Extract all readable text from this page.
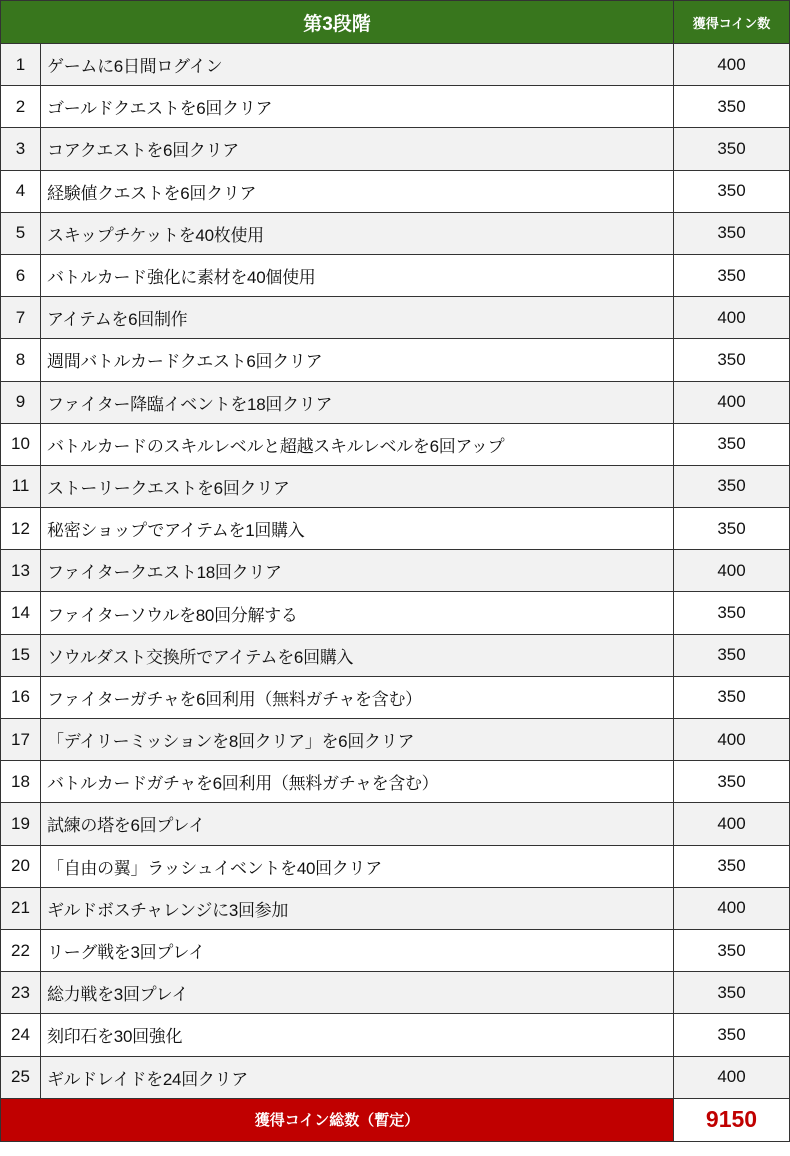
第3段階		獲得コイン数
1	ゲームに6日間ログイン	400
2	ゴールドクエストを6回クリア	350
3	コアクエストを6回クリア	350
4	経験値クエストを6回クリア	350
5	スキップチケットを40枚使用	350
6	バトルカード強化に素材を40個使用	350
7	アイテムを6回制作	400
8	週間バトルカードクエスト6回クリア	350
9	ファイター降臨イベントを18回クリア	400
10	バトルカードのスキルレベルと超越スキルレベルを6回アップ	350
11	ストーリークエストを6回クリア	350
12	秘密ショップでアイテムを1回購入	350
13	ファイタークエスト18回クリア	400
14	ファイターソウルを80回分解する	350
15	ソウルダスト交換所でアイテムを6回購入	350
16	ファイターガチャを6回利用（無料ガチャを含む）	350
17	「デイリーミッションを8回クリア」を6回クリア	400
18	バトルカードガチャを6回利用（無料ガチャを含む）	350
19	試練の塔を6回プレイ	400
20	「自由の翼」ラッシュイベントを40回クリア	350
21	ギルドボスチャレンジに3回参加	400
22	リーグ戦を3回プレイ	350
23	総力戦を3回プレイ	350
24	刻印石を30回強化	350
25	ギルドレイドを24回クリア	400
獲得コイン総数（暫定）		9150
